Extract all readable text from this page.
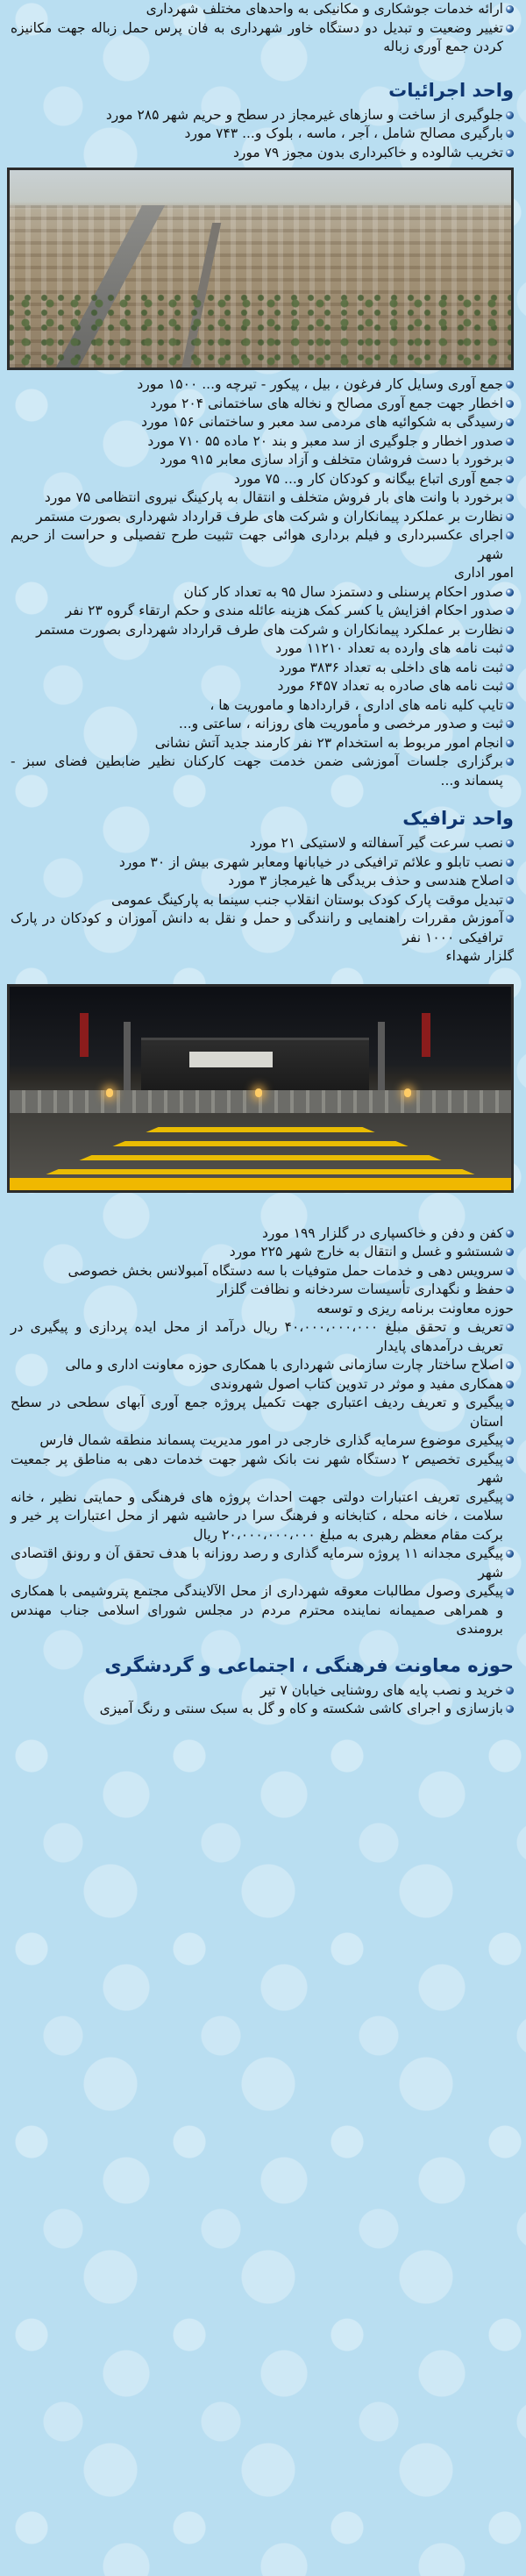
ارائه خدمات جوشکاری و مکانیکی به واحدهای مختلف شهرداری

تغییر وضعیت و تبدیل دو دستگاه خاور شهرداری به فان پرس حمل زباله جهت مکانیزه کردن جمع آوری زباله

واحد اجرائیات

جلوگیری از ساخت و سازهای غیرمجاز در سطح و حریم شهر ۲۸۵ مورد

بارگیری مصالح شامل ، آجر ، ماسه ، بلوک و... ۷۴۳ مورد

تخریب شالوده و خاکبرداری بدون مجوز ۷۹ مورد

جمع آوری وسایل کار فرغون ، بیل ، پیکور - تیرچه و... ۱۵۰۰ مورد

اخطار جهت جمع آوری مصالح و نخاله های ساختمانی ۲۰۴ مورد

رسیدگی به شکوائیه های مردمی سد معبر و ساختمانی ۱۵۶ مورد

صدور اخطار و جلوگیری از سد معبر و بند ۲۰ ماده ۵۵ ۷۱۰ مورد

برخورد با دست فروشان متخلف و آزاد سازی معابر ۹۱۵ مورد

جمع آوری اتباع بیگانه و کودکان کار و... ۷۵ مورد

برخورد با وانت های بار فروش متخلف و انتقال به پارکینگ نیروی انتظامی ۷۵ مورد

نظارت بر عملکرد پیمانکاران و شرکت های طرف قرارداد شهرداری بصورت مستمر

اجرای عکسبرداری و فیلم برداری هوائی جهت تثبیت طرح تفصیلی و حراست از حریم شهر

امور اداری

صدور احکام پرسنلی و دستمزد سال ۹۵ به تعداد کار کنان

صدور احکام افزایش یا کسر کمک هزینه عائله مندی و حکم ارتقاء گروه ۲۳ نفر

نظارت بر عملکرد پیمانکاران و شرکت های طرف قرارداد شهرداری بصورت مستمر

ثبت نامه های وارده به تعداد ۱۱۲۱۰ مورد

ثبت نامه های داخلی به تعداد ۳۸۳۶ مورد

ثبت نامه های صادره به تعداد ۶۴۵۷ مورد

تایپ کلیه نامه های اداری ، قراردادها و ماموریت ها ،

ثبت و صدور مرخصی و مأموریت های روزانه ، ساعتی و...

انجام امور مربوط به استخدام ۲۳ نفر کارمند جدید آتش نشانی

برگزاری جلسات آموزشی ضمن خدمت جهت کارکنان نظیر ضابطین فضای سبز - پسماند و...

واحد ترافیک

نصب سرعت گیر آسفالته و لاستیکی ۲۱ مورد

نصب تابلو و علائم ترافیکی در خیابانها ومعابر شهری بیش از ۳۰ مورد

اصلاح هندسی و حذف بریدگی ها غیرمجاز ۳ مورد

تبدیل موقت پارک کودک بوستان انقلاب جنب سینما به پارکینگ عمومی

آموزش مقررات راهنمایی و رانندگی و حمل و نقل به دانش آموزان و کودکان در پارک ترافیکی ۱۰۰۰ نفر

گلزار شهداء

کفن و دفن و خاکسپاری در گلزار ۱۹۹ مورد

شستشو و غسل و انتقال به خارج شهر ۲۲۵ مورد

سرویس دهی و خدمات حمل متوفیات با سه دستگاه آمبولانس بخش خصوصی

حفظ و نگهداری تأسیسات سردخانه و نظافت گلزار

حوزه معاونت برنامه ریزی و توسعه

تعریف و تحقق مبلغ ۴۰،۰۰۰،۰۰۰،۰۰۰ ریال درآمد از محل ایده پردازی و پیگیری در تعریف درآمدهای پایدار

اصلاح ساختار چارت سازمانی شهرداری با همکاری حوزه معاونت اداری و مالی

همکاری مفید و موثر در تدوین کتاب اصول شهروندی

پیگیری و تعریف ردیف اعتباری جهت تکمیل پروژه جمع آوری آبهای سطحی در سطح استان

پیگیری موضوع سرمایه گذاری خارجی در امور مدیریت پسماند منطقه شمال فارس

پیگیری تخصیص ۲ دستگاه شهر نت بانک شهر جهت خدمات دهی به مناطق پر جمعیت شهر

پیگیری تعریف اعتبارات دولتی جهت احداث پروژه های فرهنگی و حمایتی نظیر ، خانه سلامت ، خانه محله ، کتابخانه و فرهنگ سرا در حاشیه شهر از محل اعتبارات پر خیر و برکت مقام معظم رهبری به مبلغ ۲۰،۰۰۰،۰۰۰،۰۰۰ ریال

پیگیری مجدانه ۱۱ پروژه سرمایه گذاری و رصد روزانه با هدف تحقق آن و رونق اقتصادی شهر

پیگیری وصول مطالبات معوقه شهرداری از محل الآلایندگی مجتمع پتروشیمی با همکاری و همراهی صمیمانه نماینده محترم مردم در مجلس شورای اسلامی جناب مهندس برومندی

حوزه معاونت فرهنگی ، اجتماعی و گردشگری

خرید و نصب پایه های روشنایی خیابان ۷ تیر

بازسازی و اجرای کاشی شکسته و کاه و گل به سبک سنتی و رنگ آمیزی
